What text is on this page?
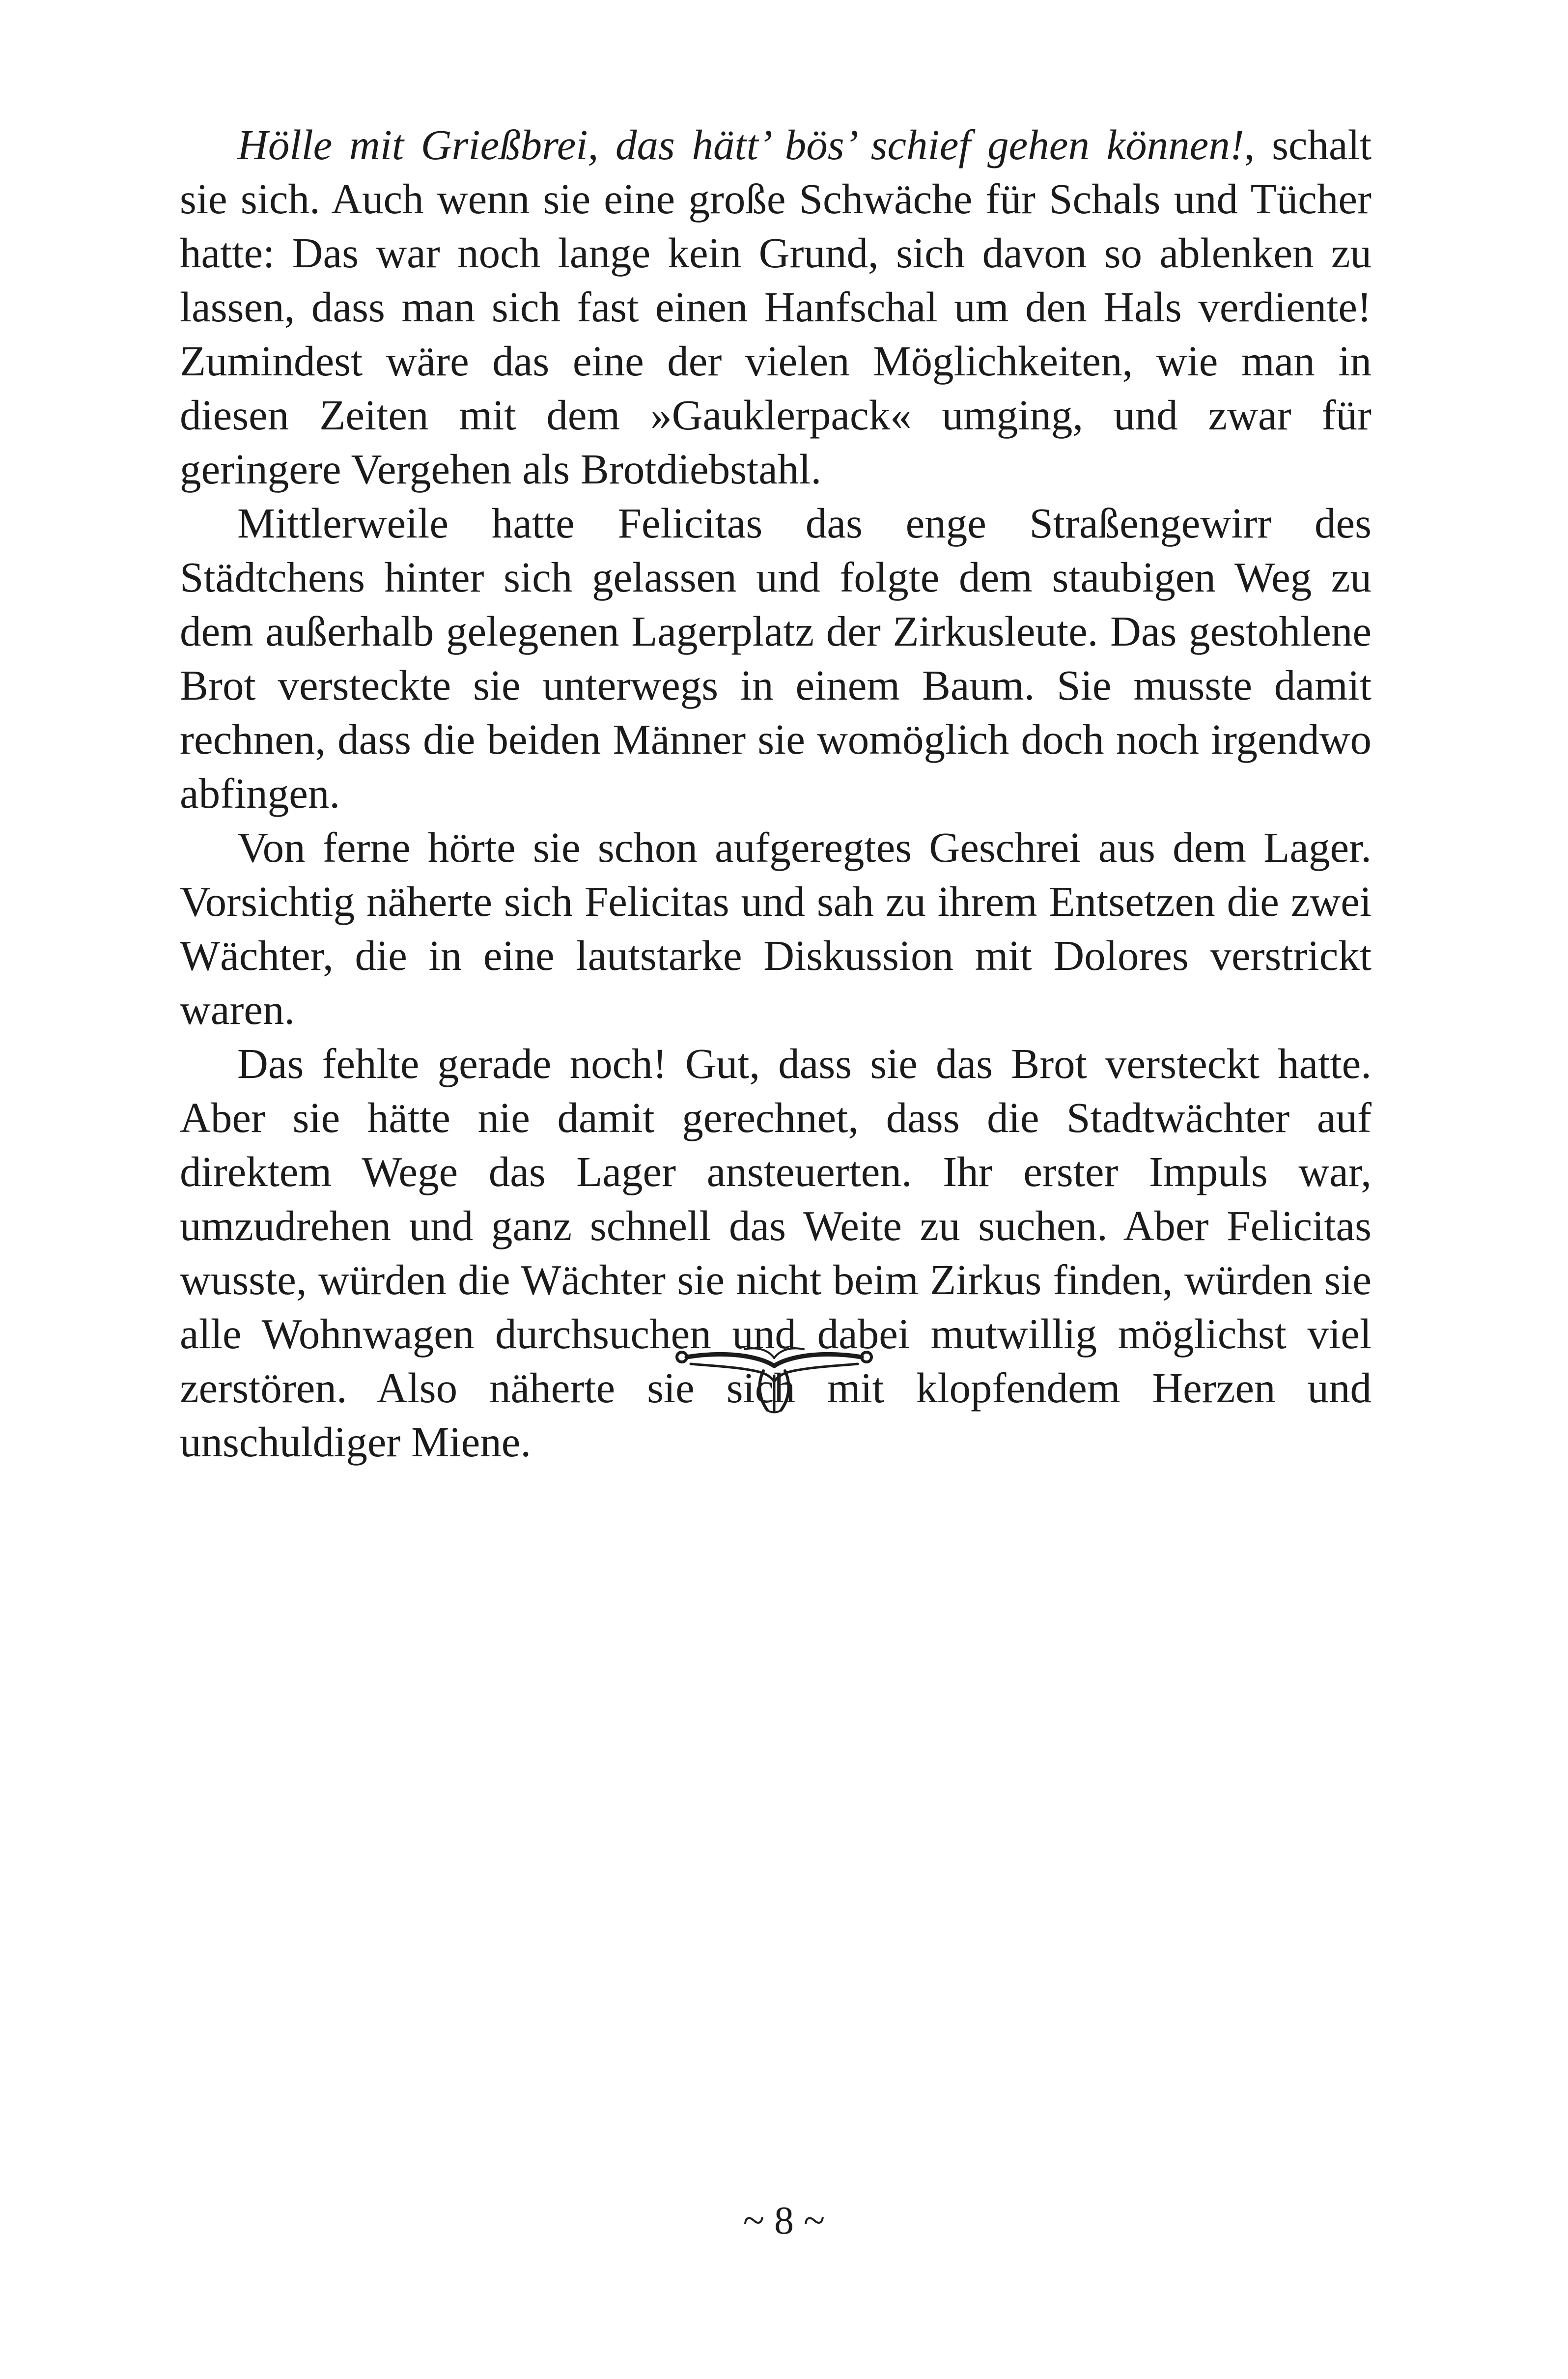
Hölle mit Grießbrei, das hätt’ bös’ schief gehen können!, schalt sie sich. Auch wenn sie eine große Schwäche für Schals und Tücher hatte: Das war noch lange kein Grund, sich davon so ablenken zu lassen, dass man sich fast einen Hanfschal um den Hals verdiente! Zumindest wäre das eine der vielen Möglichkeiten, wie man in diesen Zeiten mit dem »Gauklerpack« umging, und zwar für geringere Vergehen als Brotdiebstahl.

Mittlerweile hatte Felicitas das enge Straßengewirr des Städtchens hinter sich gelassen und folgte dem staubigen Weg zu dem außerhalb gelegenen Lagerplatz der Zirkusleute. Das gestohlene Brot versteckte sie unterwegs in einem Baum. Sie musste damit rechnen, dass die beiden Männer sie womöglich doch noch irgendwo abfingen.

Von ferne hörte sie schon aufgeregtes Geschrei aus dem Lager. Vorsichtig näherte sich Felicitas und sah zu ihrem Entsetzen die zwei Wächter, die in eine lautstarke Diskussion mit Dolores verstrickt waren.

Das fehlte gerade noch! Gut, dass sie das Brot versteckt hatte. Aber sie hätte nie damit gerechnet, dass die Stadtwächter auf direktem Wege das Lager ansteuerten. Ihr erster Impuls war, umzudrehen und ganz schnell das Weite zu suchen. Aber Felicitas wusste, würden die Wächter sie nicht beim Zirkus finden, würden sie alle Wohnwagen durchsuchen und dabei mutwillig möglichst viel zerstören. Also näherte sie sich mit klopfendem Herzen und unschuldiger Miene.

~ 8 ~
